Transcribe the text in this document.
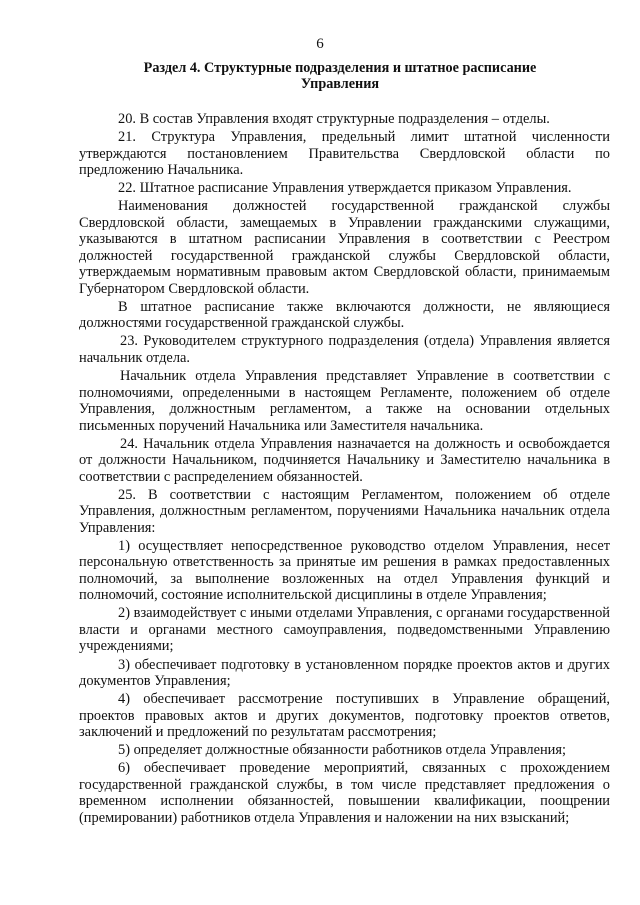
6
Раздел 4. Структурные подразделения и штатное расписание
Управления

20. В состав Управления входят структурные подразделения – отделы.

21. Структура Управления, предельный лимит штатной численности утверждаются постановлением Правительства Свердловской области по предложению Начальника.

22. Штатное расписание Управления утверждается приказом Управления.

Наименования должностей государственной гражданской службы Свердловской области, замещаемых в Управлении гражданскими служащими, указываются в штатном расписании Управления в соответствии с Реестром должностей государственной гражданской службы Свердловской области, утверждаемым нормативным правовым актом Свердловской области, принимаемым Губернатором Свердловской области.

В штатное расписание также включаются должности, не являющиеся должностями государственной гражданской службы.

23. Руководителем структурного подразделения (отдела) Управления является начальник отдела.

Начальник отдела Управления представляет Управление в соответствии с полномочиями, определенными в настоящем Регламенте, положением об отделе Управления, должностным регламентом, а также на основании отдельных письменных поручений Начальника или Заместителя начальника.

24. Начальник отдела Управления назначается на должность и освобождается от должности Начальником, подчиняется Начальнику и Заместителю начальника в соответствии с распределением обязанностей.

25. В соответствии с настоящим Регламентом, положением об отделе Управления, должностным регламентом, поручениями Начальника начальник отдела Управления:

1) осуществляет непосредственное руководство отделом Управления, несет персональную ответственность за принятые им решения в рамках предоставленных полномочий, за выполнение возложенных на отдел Управления функций и полномочий, состояние исполнительской дисциплины в отделе Управления;

2) взаимодействует с иными отделами Управления, с органами государственной власти и органами местного самоуправления, подведомственными Управлению учреждениями;

3) обеспечивает подготовку в установленном порядке проектов актов и других документов Управления;

4) обеспечивает рассмотрение поступивших в Управление обращений, проектов правовых актов и других документов, подготовку проектов ответов, заключений и предложений по результатам рассмотрения;

5) определяет должностные обязанности работников отдела Управления;

6) обеспечивает проведение мероприятий, связанных с прохождением государственной гражданской службы, в том числе представляет предложения о временном исполнении обязанностей, повышении квалификации, поощрении (премировании) работников отдела Управления и наложении на них взысканий;
